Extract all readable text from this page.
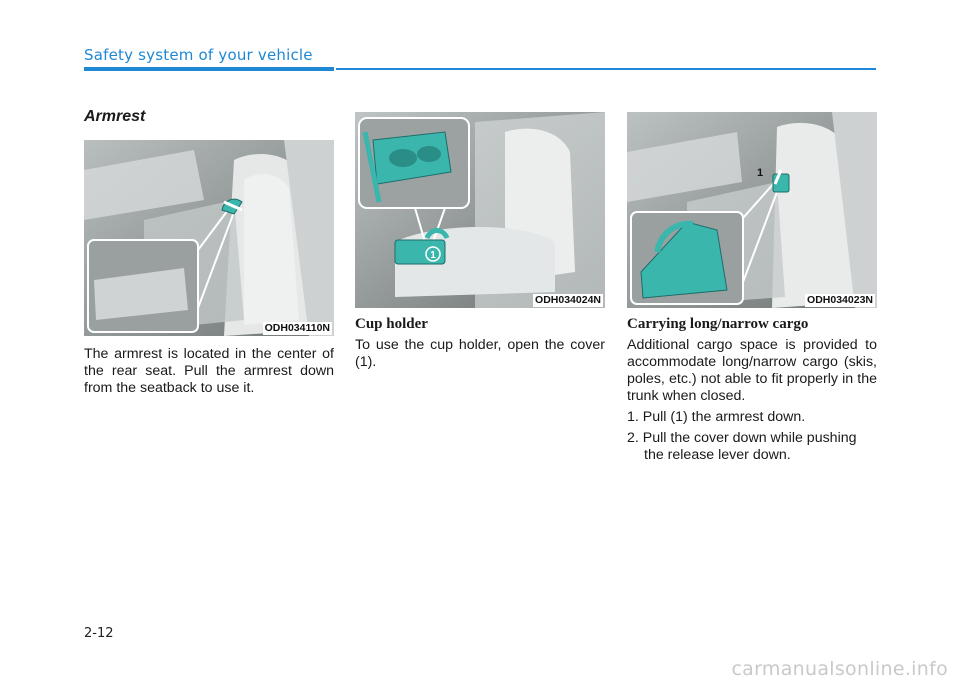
Safety system of your vehicle
Armrest
ODH034110N

The armrest is located in the center of the rear seat. Pull the armrest down from the seatback to use it.

1
ODH034024N
Cup holder

To use the cup holder, open the cover (1).

1
ODH034023N
Carrying long/narrow cargo

Additional cargo space is provided to accommodate long/narrow cargo (skis, poles, etc.) not able to fit properly in the trunk when closed.

1. Pull (1) the armrest down.

2. Pull the cover down while pushing the release lever down.

2-12
carmanualsonline.info
